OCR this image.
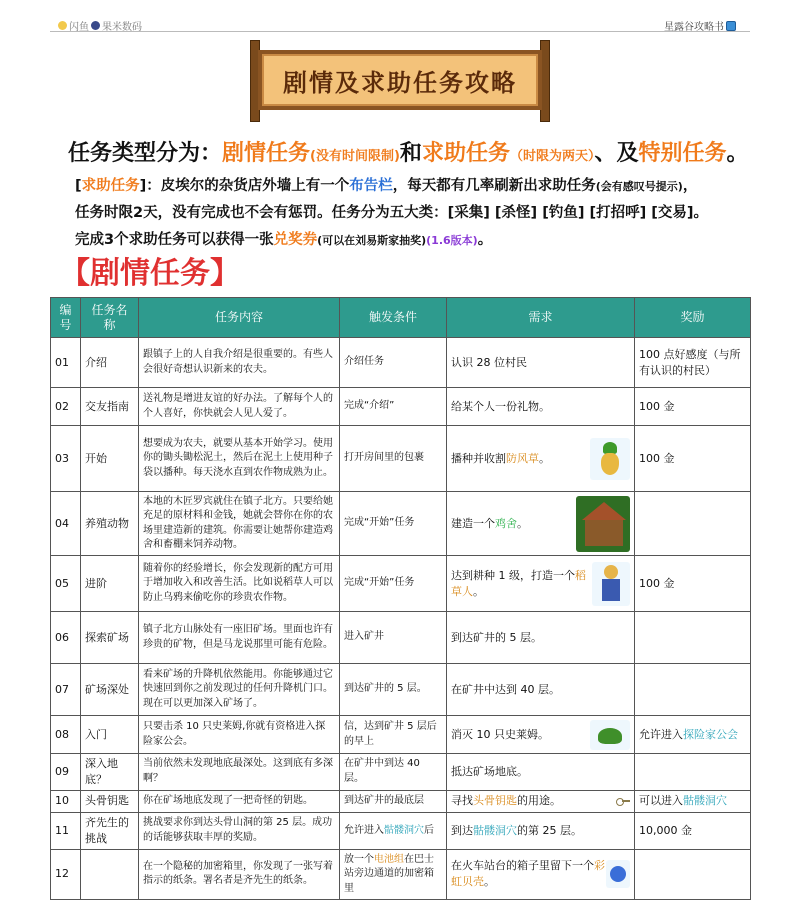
闪鱼 果米数码	星露谷攻略书
剧情及求助任务攻略
任务类型分为：剧情任务(没有时间限制)和求助任务（时限为两天）、及特别任务。
[求助任务]：皮埃尔的杂货店外墙上有一个布告栏，每天都有几率刷新出求助任务(会有感叹号提示)，
任务时限2天，没有完成也不会有惩罚。任务分为五大类：[采集] [杀怪] [钓鱼] [打招呼] [交易]。
完成3个求助任务可以获得一张兑奖券(可以在刘易斯家抽奖)(1.6版本)。
【剧情任务】
编号	任务名称	任务内容	触发条件	需求	奖励
01	介绍	跟镇子上的人自我介绍是很重要的。有些人会很好奇想认识新来的农夫。	介绍任务	认识 28 位村民	100 点好感度（与所有认识的村民）
02	交友指南	送礼物是增进友谊的好办法。了解每个人的个人喜好，你快就会人见人爱了。	完成“介绍”	给某个人一份礼物。	100 金
03	开始	想要成为农夫，就要从基本开始学习。使用你的锄头锄松泥土，然后在泥土上使用种子袋以播种。每天浇水直到农作物成熟为止。	打开房间里的包裹	播种并收割防风草。	100 金
04	养殖动物	本地的木匠罗宾就住在镇子北方。只要给她充足的原材料和金钱，她就会替你在你的农场里建造新的建筑。你需要让她帮你建造鸡舍和畜棚来饲养动物。	完成“开始”任务	建造一个鸡舍。	

05	进阶	随着你的经验增长，你会发现新的配方可用于增加收入和改善生活。比如说稻草人可以防止乌鸦来偷吃你的珍贵农作物。	完成“开始”任务	达到耕种 1 级，打造一个稻草人。	100 金
06	探索矿场	镇子北方山脉处有一座旧矿场。里面也许有珍贵的矿物，但是马龙说那里可能有危险。	进入矿井	到达矿井的 5 层。	
07	矿场深处	看来矿场的升降机依然能用。你能够通过它快速回到你之前发现过的任何升降机门口。现在可以更加深入矿场了。	到达矿井的 5 层。	在矿井中达到 40 层。	
08	入门	只要击杀 10 只史莱姆,你就有资格进入探险家公会。	信，达到矿井 5 层后的早上	消灭 10 只史莱姆。	允许进入探险家公会
09	深入地底？	当前依然未发现地底最深处。这到底有多深啊？	在矿井中到达 40 层。	抵达矿场地底。	
10	头骨钥匙	你在矿场地底发现了一把奇怪的钥匙。	到达矿井的最底层	寻找头骨钥匙的用途。	可以进入骷髅洞穴
11	齐先生的挑战	挑战要求你到达头骨山洞的第 25 层。成功的话能够获取丰厚的奖励。	允许进入骷髅洞穴后	到达骷髅洞穴的第 25 层。	10,000 金
12		在一个隐秘的加密箱里，你发现了一张写着指示的纸条。署名者是齐先生的纸条。	放一个电池组在巴士站旁边通道的加密箱里	在火车站台的箱子里留下一个彩虹贝壳。	
